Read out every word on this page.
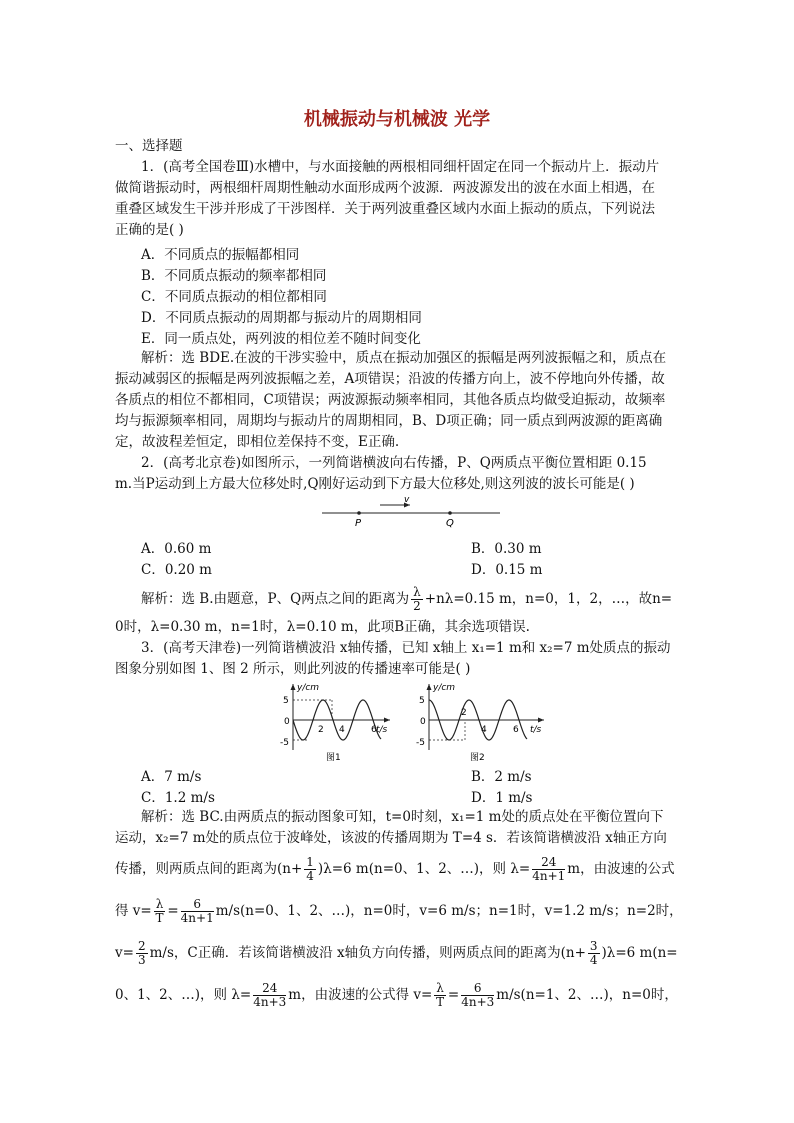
机械振动与机械波 光学
一、选择题
1．(高考全国卷Ⅲ)水槽中，与水面接触的两根相同细杆固定在同一个振动片上．振动片
做简谐振动时，两根细杆周期性触动水面形成两个波源．两波源发出的波在水面上相遇，在
重叠区域发生干涉并形成了干涉图样．关于两列波重叠区域内水面上振动的质点，下列说法
正确的是( )
A．不同质点的振幅都相同
B．不同质点振动的频率都相同
C．不同质点振动的相位都相同
D．不同质点振动的周期都与振动片的周期相同
E．同一质点处，两列波的相位差不随时间变化
解析：选 BDE.在波的干涉实验中，质点在振动加强区的振幅是两列波振幅之和，质点在
振动减弱区的振幅是两列波振幅之差，A项错误；沿波的传播方向上，波不停地向外传播，故
各质点的相位不都相同，C项错误；两波源振动频率相同，其他各质点均做受迫振动，故频率
均与振源频率相同，周期均与振动片的周期相同，B、D项正确；同一质点到两波源的距离确
定，故波程差恒定，即相位差保持不变，E正确.
2．(高考北京卷)如图所示，一列简谐横波向右传播，P、Q两质点平衡位置相距 0.15
m.当P运动到上方最大位移处时,Q刚好运动到下方最大位移处,则这列波的波长可能是( )
v
P	Q
A．0.60 m	B．0.30 m
C．0.20 m	D．0.15 m
解析：选 B.由题意，P、Q两点之间的距离为 $\frac{\lambda}{2} +n\lambda=0.15$ m，n=0，1，2，…，故n=
0时，λ=0.30 m，n=1时，λ=0.10 m，此项B正确，其余选项错误.
3．(高考天津卷)一列简谐横波沿 x轴传播，已知 x轴上 x₁=1 m和 x₂=7 m处质点的振动
图象分别如图 1、图 2 所示，则此列波的传播速率可能是( )
y/cm
t/s
5
-5
0
2 4	6
图1
y/cm
t/s
5
-5
0
2
4	6
图2
A．7 m/s	B．2 m/s
C．1.2 m/s	D．1 m/s
解析：选 BC.由两质点的振动图象可知，t=0时刻，x₁=1 m处的质点处在平衡位置向下
运动，x₂=7 m处的质点位于波峰处，该波的传播周期为 T=4 s．若该简谐横波沿 x轴正方向
传播，则两质点间的距离为$(n+ \frac{1}{4} )\lambda=6$ m(n=0、1、2、…)，则 $\lambda= \frac{24}{4n+1}$ m，由波速的公式
得 $v= \frac{\lambda}{T} = \frac{6}{4n+1} m/s(n=0$、1、2、…)，n=0时，v=6 m/s；n=1时，v=1.2 m/s；n=2时，
$v= \frac{2}{3} m/s$，C正确．若该简谐横波沿 x轴负方向传播，则两质点间的距离为$(n+ \frac{3}{4} )\lambda=6$ m(n=
0、1、2、…)，则 $\lambda= \frac{24}{4n+3}$ m，由波速的公式得 $v= \frac{\lambda}{T} = \frac{6}{4n+3} m/s(n=1$、2、…)，n=0时，
